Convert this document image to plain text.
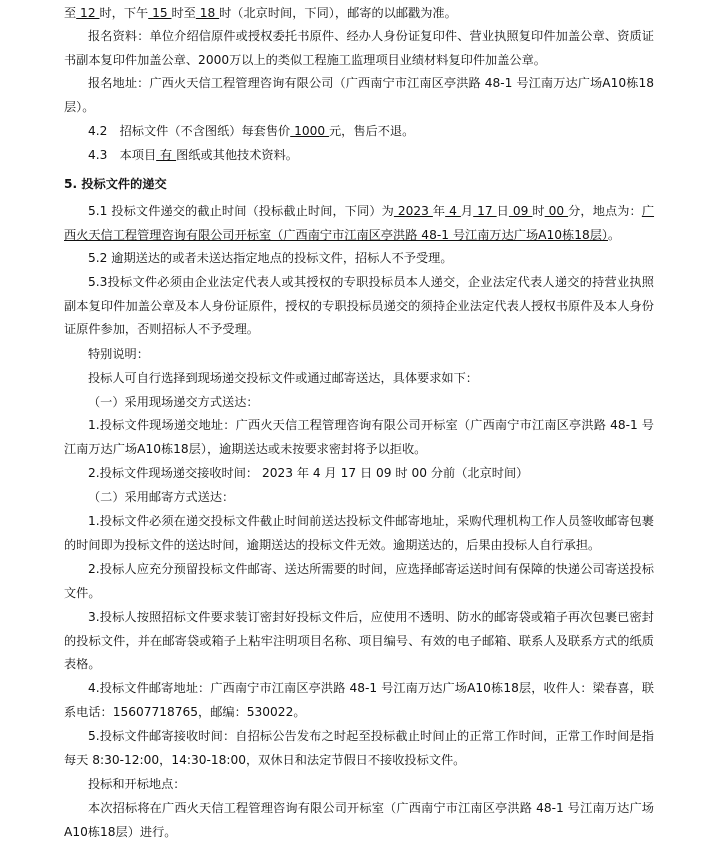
至 12 时，下午 15 时至 18 时（北京时间，下同），邮寄的以邮戳为准。
报名资料：单位介绍信原件或授权委托书原件、经办人身份证复印件、营业执照复印件加盖公章、资质证书副本复印件加盖公章、2000万以上的类似工程施工监理项目业绩材料复印件加盖公章。
报名地址：广西火天信工程管理咨询有限公司（广西南宁市江南区亭洪路 48-1 号江南万达广场A10栋18层）。
4.2　招标文件（不含图纸）每套售价 1000 元，售后不退。
4.3　本项目 有 图纸或其他技术资料。
5. 投标文件的递交
5.1 投标文件递交的截止时间（投标截止时间，下同）为 2023 年 4 月 17 日 09 时 00 分，地点为：广西火天信工程管理咨询有限公司开标室（广西南宁市江南区亭洪路 48-1 号江南万达广场A10栋18层）。
5.2 逾期送达的或者未送达指定地点的投标文件，招标人不予受理。
5.3投标文件必须由企业法定代表人或其授权的专职投标员本人递交，企业法定代表人递交的持营业执照副本复印件加盖公章及本人身份证原件，授权的专职投标员递交的须持企业法定代表人授权书原件及本人身份证原件参加，否则招标人不予受理。
特别说明：
投标人可自行选择到现场递交投标文件或通过邮寄送达，具体要求如下：
（一）采用现场递交方式送达：
1.投标文件现场递交地址：广西火天信工程管理咨询有限公司开标室（广西南宁市江南区亭洪路 48-1 号江南万达广场A10栋18层），逾期送达或未按要求密封将予以拒收。
2.投标文件现场递交接收时间： 2023 年 4 月 17 日 09 时 00 分前（北京时间）
（二）采用邮寄方式送达：
1.投标文件必须在递交投标文件截止时间前送达投标文件邮寄地址，采购代理机构工作人员签收邮寄包裹的时间即为投标文件的送达时间，逾期送达的投标文件无效。逾期送达的，后果由投标人自行承担。
2.投标人应充分预留投标文件邮寄、送达所需要的时间，应选择邮寄运送时间有保障的快递公司寄送投标文件。
3.投标人按照招标文件要求装订密封好投标文件后，应使用不透明、防水的邮寄袋或箱子再次包裹已密封的投标文件，并在邮寄袋或箱子上粘牢注明项目名称、项目编号、有效的电子邮箱、联系人及联系方式的纸质表格。
4.投标文件邮寄地址：广西南宁市江南区亭洪路 48-1 号江南万达广场A10栋18层，收件人：梁春喜，联系电话：15607718765，邮编：530022。
5.投标文件邮寄接收时间：自招标公告发布之时起至投标截止时间止的正常工作时间，正常工作时间是指每天 8:30-12:00，14:30-18:00，双休日和法定节假日不接收投标文件。
投标和开标地点：
本次招标将在广西火天信工程管理咨询有限公司开标室（广西南宁市江南区亭洪路 48-1 号江南万达广场A10栋18层）进行。
